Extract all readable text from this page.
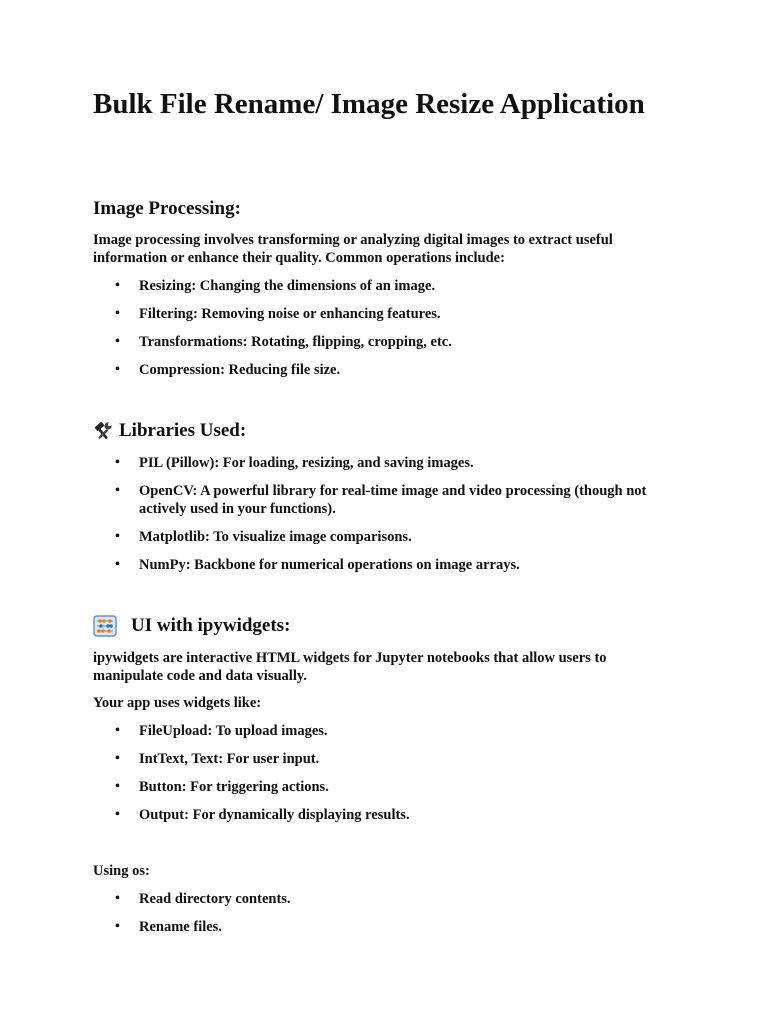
Bulk File Rename/ Image Resize Application
Image Processing:

Image processing involves transforming or analyzing digital images to extract useful information or enhance their quality. Common operations include:

• Resizing: Changing the dimensions of an image.
• Filtering: Removing noise or enhancing features.
• Transformations: Rotating, flipping, cropping, etc.
• Compression: Reducing file size.
Libraries Used:
• PIL (Pillow): For loading, resizing, and saving images.
• OpenCV: A powerful library for real-time image and video processing (though not actively used in your functions).
• Matplotlib: To visualize image comparisons.
• NumPy: Backbone for numerical operations on image arrays.
UI with ipywidgets:

ipywidgets are interactive HTML widgets for Jupyter notebooks that allow users to manipulate code and data visually.

Your app uses widgets like:

• FileUpload: To upload images.
• IntText, Text: For user input.
• Button: For triggering actions.
• Output: For dynamically displaying results.

Using os:

• Read directory contents.
• Rename files.
